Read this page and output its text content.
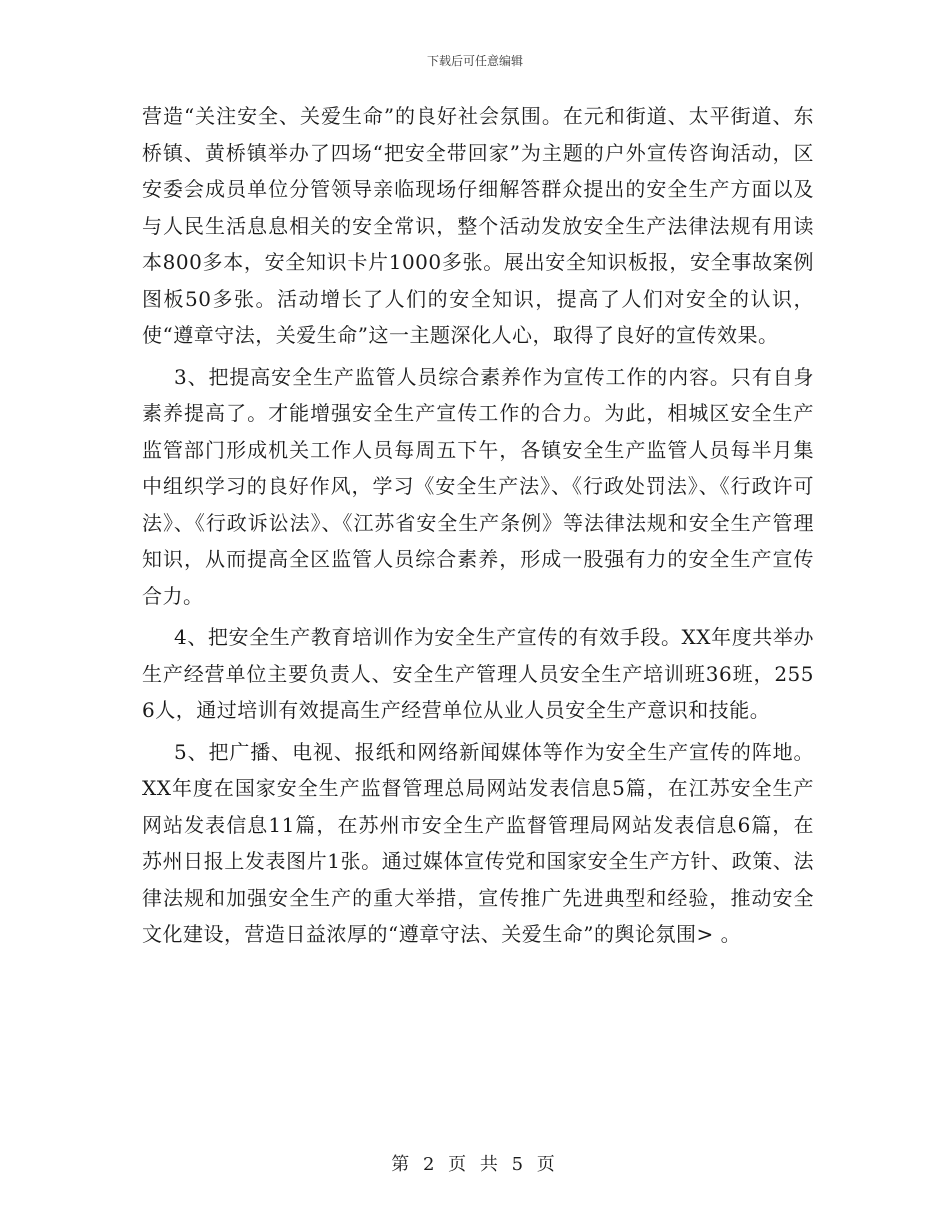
下载后可任意编辑

营造“关注安全、关爱生命”的良好社会氛围。在元和街道、太平街道、东桥镇、黄桥镇举办了四场“把安全带回家”为主题的户外宣传咨询活动，区安委会成员单位分管领导亲临现场仔细解答群众提出的安全生产方面以及与人民生活息息相关的安全常识，整个活动发放安全生产法律法规有用读本800多本，安全知识卡片1000多张。展出安全知识板报，安全事故案例图板50多张。活动增长了人们的安全知识，提高了人们对安全的认识，使“遵章守法，关爱生命”这一主题深化人心，取得了良好的宣传效果。

3、把提高安全生产监管人员综合素养作为宣传工作的内容。只有自身素养提高了。才能增强安全生产宣传工作的合力。为此，相城区安全生产监管部门形成机关工作人员每周五下午，各镇安全生产监管人员每半月集中组织学习的良好作风，学习《安全生产法》、《行政处罚法》、《行政许可法》、《行政诉讼法》、《江苏省安全生产条例》等法律法规和安全生产管理知识，从而提高全区监管人员综合素养，形成一股强有力的安全生产宣传合力。

4、把安全生产教育培训作为安全生产宣传的有效手段。XX年度共举办生产经营单位主要负责人、安全生产管理人员安全生产培训班36班，2556人，通过培训有效提高生产经营单位从业人员安全生产意识和技能。

5、把广播、电视、报纸和网络新闻媒体等作为安全生产宣传的阵地。XX年度在国家安全生产监督管理总局网站发表信息5篇，在江苏安全生产网站发表信息11篇，在苏州市安全生产监督管理局网站发表信息6篇，在苏州日报上发表图片1张。通过媒体宣传党和国家安全生产方针、政策、法律法规和加强安全生产的重大举措，宣传推广先进典型和经验，推动安全文化建设，营造日益浓厚的“遵章守法、关爱生命”的舆论氛围> 。

第 2 页 共 5 页
